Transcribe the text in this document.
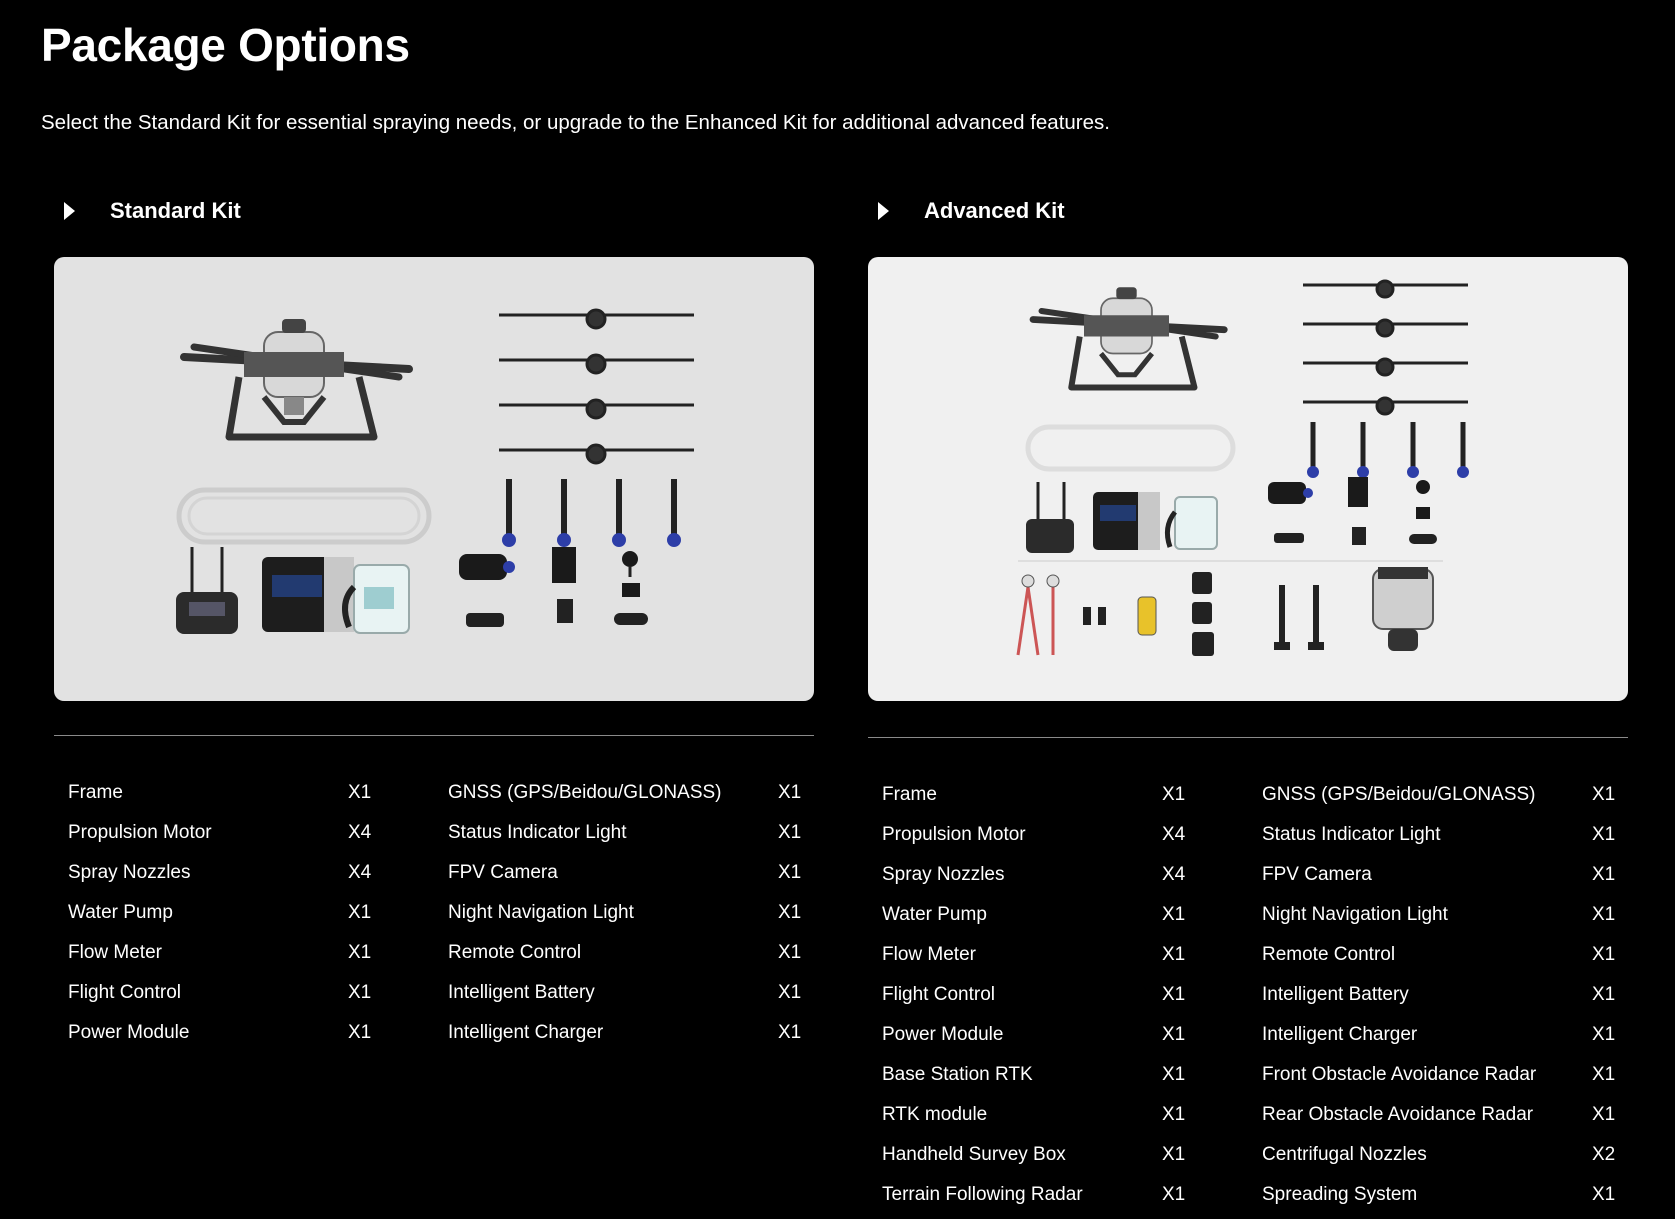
Package Options

Select the Standard Kit for essential spraying needs, or upgrade to the Enhanced Kit for additional advanced features.

Standard Kit
Frame	X1	GNSS (GPS/Beidou/GLONASS)	X1
Propulsion Motor	X4	Status Indicator Light	X1
Spray Nozzles	X4	FPV Camera	X1
Water Pump	X1	Night Navigation Light	X1
Flow Meter	X1	Remote Control	X1
Flight Control	X1	Intelligent Battery	X1
Power Module	X1	Intelligent Charger	X1
Advanced Kit
Frame	X1	GNSS (GPS/Beidou/GLONASS)	X1
Propulsion Motor	X4	Status Indicator Light	X1
Spray Nozzles	X4	FPV Camera	X1
Water Pump	X1	Night Navigation Light	X1
Flow Meter	X1	Remote Control	X1
Flight Control	X1	Intelligent Battery	X1
Power Module	X1	Intelligent Charger	X1
Base Station RTK	X1	Front Obstacle Avoidance Radar	X1
RTK module	X1	Rear Obstacle Avoidance Radar	X1
Handheld Survey Box	X1	Centrifugal Nozzles	X2
Terrain Following Radar	X1	Spreading System	X1
